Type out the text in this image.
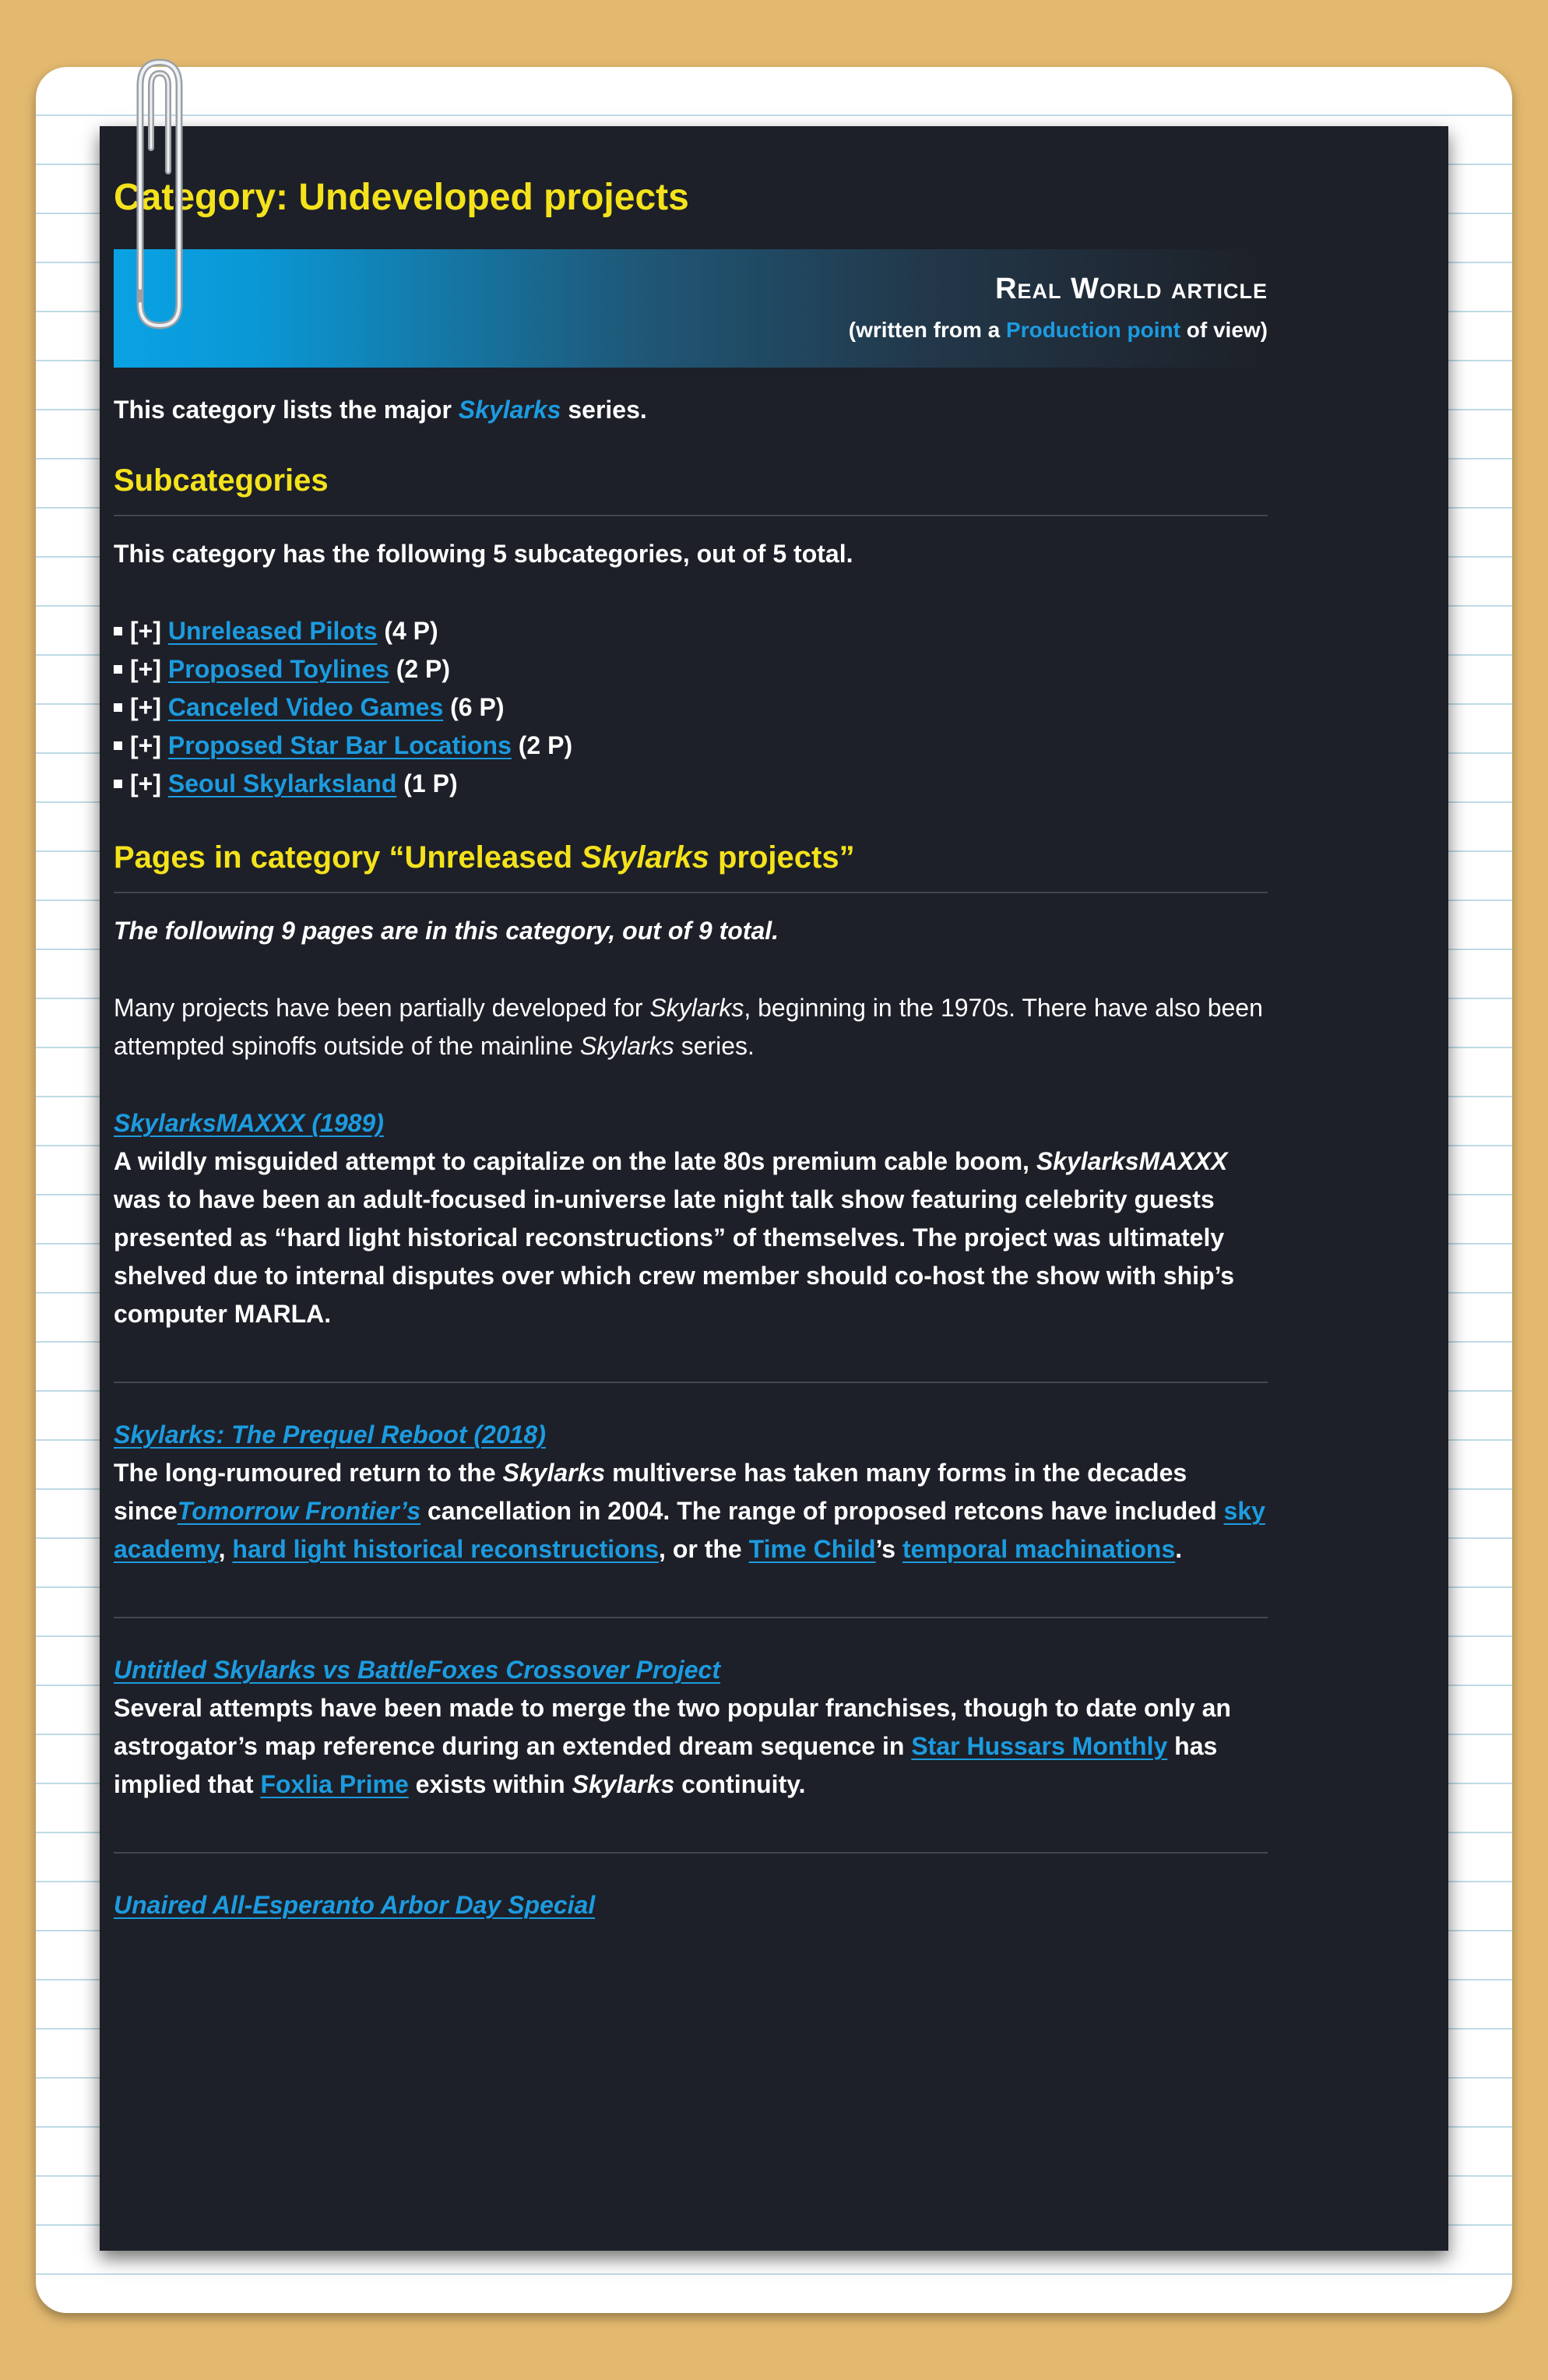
Category: Undeveloped projects
Real World article
(written from a Production point of view)

This category lists the major Skylarks series.

Subcategories

This category has the following 5 subcategories, out of 5 total.

[+]
Unreleased Pilots
(4 P)
[+]
Proposed Toylines
(2 P)
[+]
Canceled Video Games
(6 P)
[+]
Proposed Star Bar Locations
(2 P)
[+]
Seoul Skylarksland
(1 P)
Pages in category “Unreleased Skylarks projects”

The following 9 pages are in this category, out of 9 total.

Many projects have been partially developed for Skylarks, beginning in the 1970s. There have also been attempted spinoffs outside of the mainline Skylarks series.

SkylarksMAXXX (1989)

A wildly misguided attempt to capitalize on the late 80s premium cable boom, SkylarksMAXXX was to have been an adult-focused in-universe late night talk show featuring celebrity guests presented as “hard light historical reconstructions” of themselves. The project was ultimately shelved due to internal disputes over which crew member should co-host the show with ship’s computer MARLA.

Skylarks: The Prequel Reboot (2018)

The long-rumoured return to the Skylarks multiverse has taken many forms in the decades sinceTomorrow Frontier’s cancellation in 2004. The range of proposed retcons have included sky academy, hard light historical reconstructions, or the Time Child’s temporal machinations.

Untitled Skylarks vs BattleFoxes Crossover Project

Several attempts have been made to merge the two popular franchises, though to date only an astrogator’s map reference during an extended dream sequence in Star Hussars Monthly has implied that Foxlia Prime exists within Skylarks continuity.

Unaired All-Esperanto Arbor Day Special
